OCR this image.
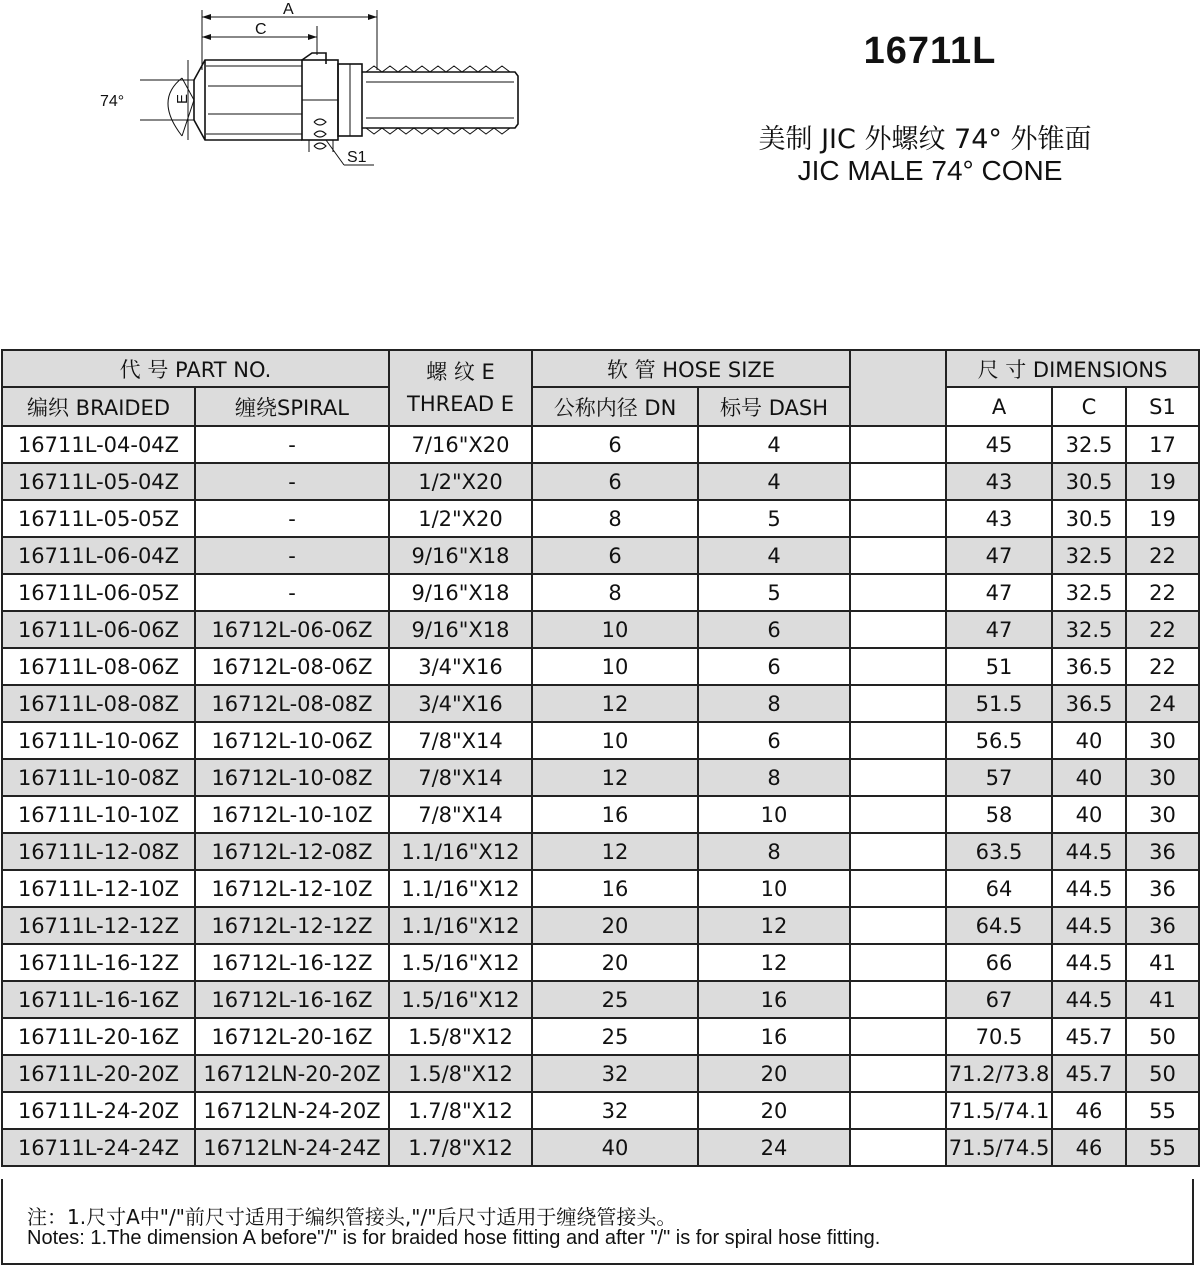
A
C
E
74°
S1
16711L
美制 JIC 外螺纹 74° 外锥面
JIC MALE 74° CONE
代 号 PART NO.		螺 纹 E
THREAD E	软 管 HOSE SIZE			尺 寸 DIMENSIONS		
编织 BRAIDED	缠绕SPIRAL		公称内径 DN	标号 DASH		A	C	S1
16711L-04-04Z	-	7/16"X20	6	4		45	32.5	17
16711L-05-04Z	-	1/2"X20	6	4		43	30.5	19
16711L-05-05Z	-	1/2"X20	8	5		43	30.5	19
16711L-06-04Z	-	9/16"X18	6	4		47	32.5	22
16711L-06-05Z	-	9/16"X18	8	5		47	32.5	22
16711L-06-06Z	16712L-06-06Z	9/16"X18	10	6		47	32.5	22
16711L-08-06Z	16712L-08-06Z	3/4"X16	10	6		51	36.5	22
16711L-08-08Z	16712L-08-08Z	3/4"X16	12	8		51.5	36.5	24
16711L-10-06Z	16712L-10-06Z	7/8"X14	10	6		56.5	40	30
16711L-10-08Z	16712L-10-08Z	7/8"X14	12	8		57	40	30
16711L-10-10Z	16712L-10-10Z	7/8"X14	16	10		58	40	30
16711L-12-08Z	16712L-12-08Z	1.1/16"X12	12	8		63.5	44.5	36
16711L-12-10Z	16712L-12-10Z	1.1/16"X12	16	10		64	44.5	36
16711L-12-12Z	16712L-12-12Z	1.1/16"X12	20	12		64.5	44.5	36
16711L-16-12Z	16712L-16-12Z	1.5/16"X12	20	12		66	44.5	41
16711L-16-16Z	16712L-16-16Z	1.5/16"X12	25	16		67	44.5	41
16711L-20-16Z	16712L-20-16Z	1.5/8"X12	25	16		70.5	45.7	50
16711L-20-20Z	16712LN-20-20Z	1.5/8"X12	32	20		71.2/73.8	45.7	50
16711L-24-20Z	16712LN-24-20Z	1.7/8"X12	32	20		71.5/74.1	46	55
16711L-24-24Z	16712LN-24-24Z	1.7/8"X12	40	24		71.5/74.5	46	55
注：1.尺寸A中"/"前尺寸适用于编织管接头,"/"后尺寸适用于缠绕管接头。
Notes: 1.The dimension A before"/" is for braided hose fitting and after "/" is for spiral hose fitting.
